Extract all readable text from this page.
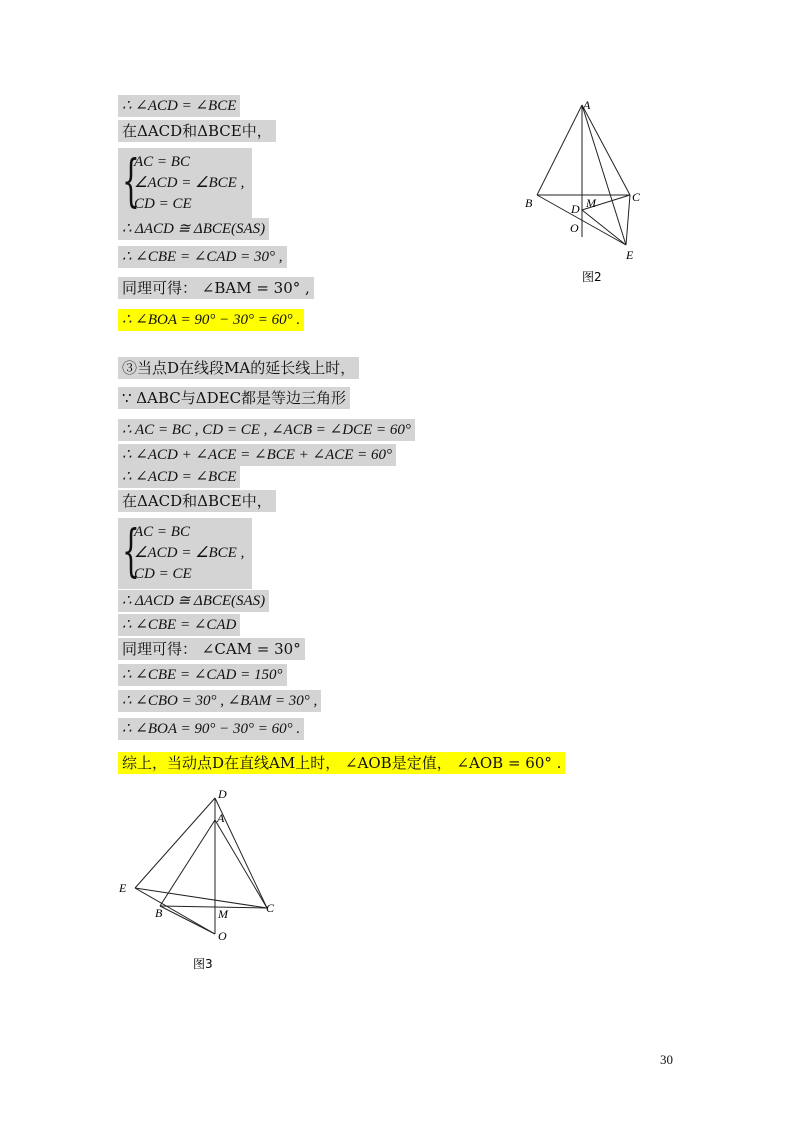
∴ ∠ACD = ∠BCE
在ΔACD和ΔBCE中，
{
AC = BC
∠ACD = ∠BCE ,
CD = CE
∴ ΔACD ≅ ΔBCE(SAS)
∴ ∠CBE = ∠CAD = 30° ,
同理可得： ∠BAM = 30° ,
∴ ∠BOA = 90° − 30° = 60° .
③当点D在线段MA的延长线上时，
∵ ΔABC与ΔDEC都是等边三角形
∴ AC = BC , CD = CE , ∠ACB = ∠DCE = 60°
∴ ∠ACD + ∠ACE = ∠BCE + ∠ACE = 60°
∴ ∠ACD = ∠BCE
在ΔACD和ΔBCE中，
{
AC = BC
∠ACD = ∠BCE ,
CD = CE
∴ ΔACD ≅ ΔBCE(SAS)
∴ ∠CBE = ∠CAD
同理可得： ∠CAM = 30°
∴ ∠CBE = ∠CAD = 150°
∴ ∠CBO = 30° , ∠BAM = 30° ,
∴ ∠BOA = 90° − 30° = 60° .
综上，当动点D在直线AM上时， ∠AOB是定值， ∠AOB = 60° .
A
B	C
D M
O
E
图2
D
A
E
B	M	C
O
图3
30
